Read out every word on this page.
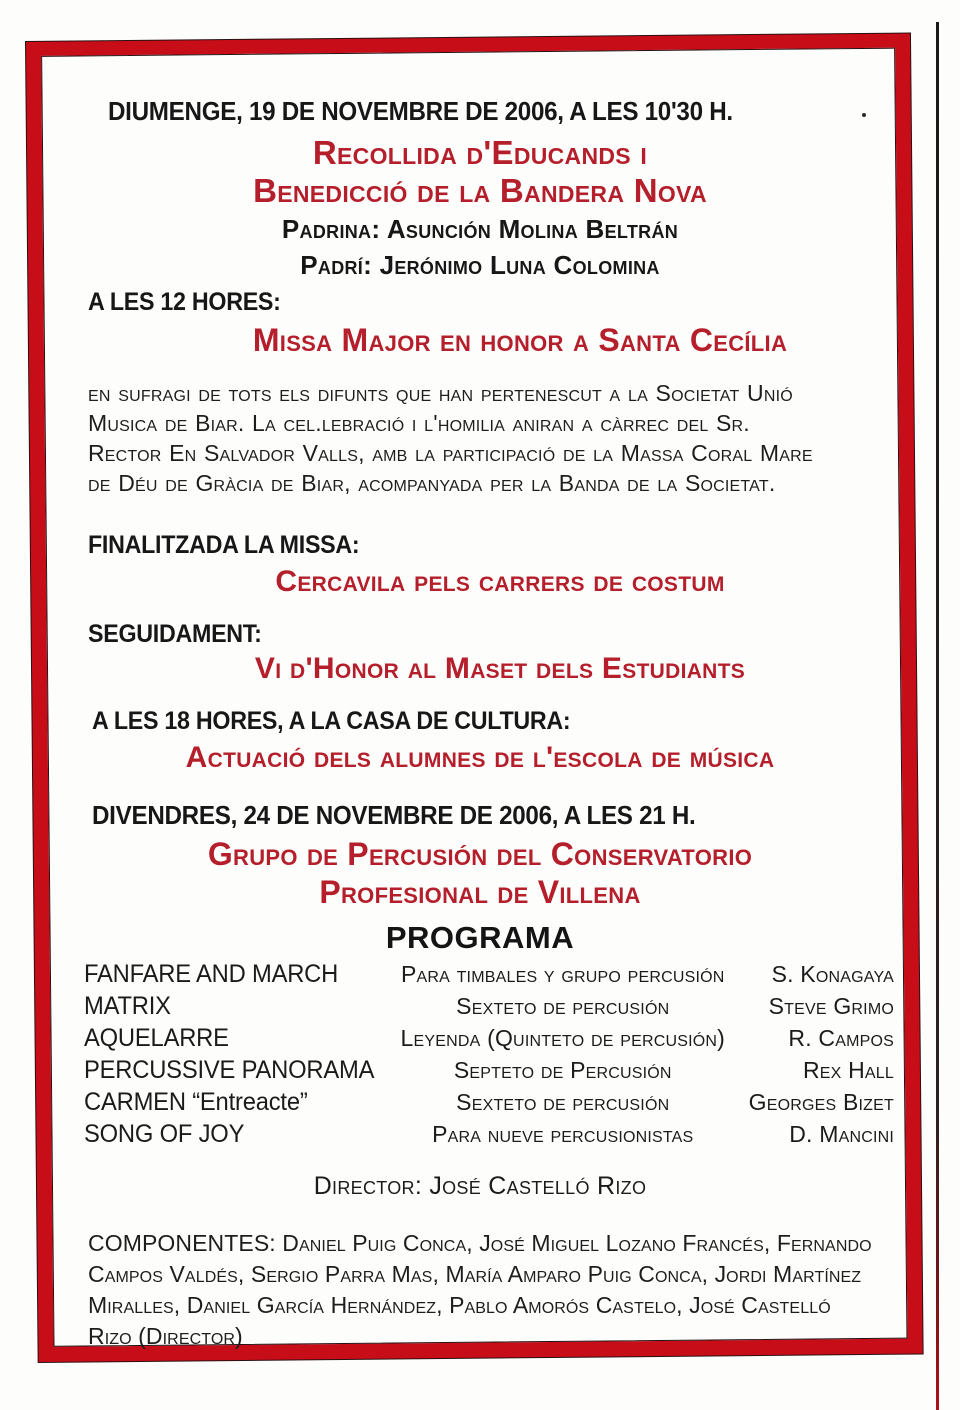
DIUMENGE, 19 DE NOVEMBRE DE 2006, A LES 10'30 H.
Recollida d'Educands i
Benedicció de la Bandera Nova
Padrina: Asunción Molina Beltrán
Padrí: Jerónimo Luna Colomina
A LES 12 HORES:
Missa Major en honor a Santa Cecília
en sufragi de tots els difunts que han pertenescut a la Societat Unió
Musica de Biar. La cel.lebració i l'homilia aniran a càrrec del Sr.
Rector En Salvador Valls, amb la participació de la Massa Coral Mare
de Déu de Gràcia de Biar, acompanyada per la Banda de la Societat.
FINALITZADA LA MISSA:
Cercavila pels carrers de costum
SEGUIDAMENT:
Vi d'Honor al Maset dels Estudiants
A LES 18 HORES, A LA CASA DE CULTURA:
Actuació dels alumnes de l'escola de música
DIVENDRES, 24 DE NOVEMBRE DE 2006, A LES 21 H.
Grupo de Percusión del Conservatorio
Profesional de Villena
PROGRAMA
FANFARE AND MARCH	Para timbales y grupo percusión	S. Konagaya
MATRIX	Sexteto de percusión	Steve Grimo
AQUELARRE	Leyenda (Quinteto de percusión)	R. Campos
PERCUSSIVE PANORAMA	Septeto de Percusión	Rex Hall
CARMEN “Entreacte”	Sexteto de percusión	Georges Bizet
SONG OF JOY	Para nueve percusionistas	D. Mancini
Director: José Castelló Rizo
COMPONENTES: Daniel Puig Conca, José Miguel Lozano Francés, Fernando
Campos Valdés, Sergio Parra Mas, María Amparo Puig Conca, Jordi Martínez
Miralles, Daniel García Hernández, Pablo Amorós Castelo, José Castelló
Rizo (Director)
